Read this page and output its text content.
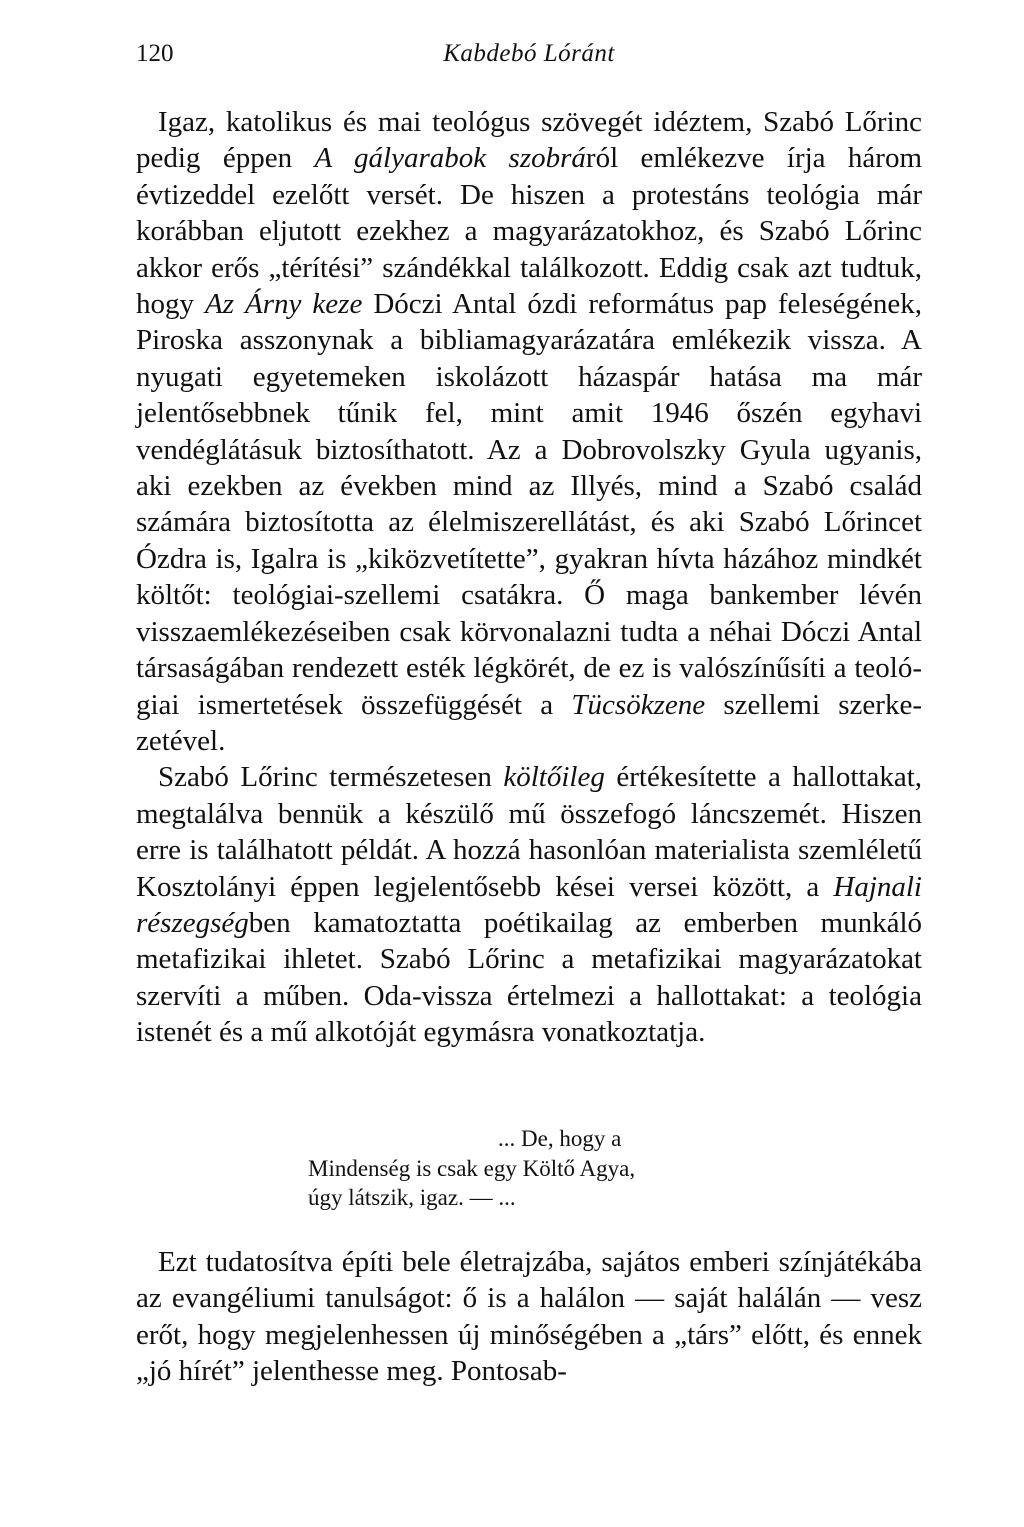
120	Kabdebó Lóránt

Igaz, katolikus és mai teológus szövegét idéztem, Szabó Lőrinc pedig éppen A gályarabok szobráról emlékezve írja három évtizeddel ezelőtt versét. De hiszen a protestáns teológia már korábban eljutott ezekhez a magyarázatokhoz, és Szabó Lőrinc akkor erős „térítési” szándékkal találkozott. Eddig csak azt tudtuk, hogy Az Árny keze Dóczi Antal ózdi református pap feleségének, Piroska asszonynak a bibliamagyarázatára emlékezik vissza. A nyugati egyetemeken iskolázott házaspár hatása ma már jelentősebbnek tűnik fel, mint amit 1946 őszén egyhavi vendéglátásuk biztosíthatott. Az a Dobrovolszky Gyula ugyanis, aki ezekben az években mind az Illyés, mind a Szabó család számára biztosította az élelmiszerellátást, és aki Szabó Lőrincet Ózdra is, Igalra is „kiközvetítette”, gyakran hívta házához mindkét költőt: teológiai-szellemi csatákra. Ő maga bankember lévén visszaemlékezéseiben csak körvonalazni tudta a néhai Dóczi Antal társaságában rendezett esték légkörét, de ez is valószínűsíti a teológiai ismertetések összefüggését a Tücsökzene szellemi szerkezetével.

Szabó Lőrinc természetesen költőileg értékesítette a hallottakat, megtalálva bennük a készülő mű összefogó láncszemét. Hiszen erre is találhatott példát. A hozzá hasonlóan materialista szemléletű Kosztolányi éppen legjelentősebb kései versei között, a Hajnali részegségben kamatoztatta poétikailag az emberben munkáló metafizikai ihletet. Szabó Lőrinc a metafizikai magyarázatokat szervíti a műben. Oda-vissza értelmezi a hallottakat: a teológia istenét és a mű alkotóját egymásra vonatkoztatja.

... De, hogy a
Mindenség is csak egy Költő Agya,
úgy látszik, igaz. — ...

Ezt tudatosítva építi bele életrajzába, sajátos emberi színjátékába az evangéliumi tanulságot: ő is a halálon — saját halálán — vesz erőt, hogy megjelenhessen új minőségében a „társ” előtt, és ennek „jó hírét” jelenthesse meg. Pontosab-
